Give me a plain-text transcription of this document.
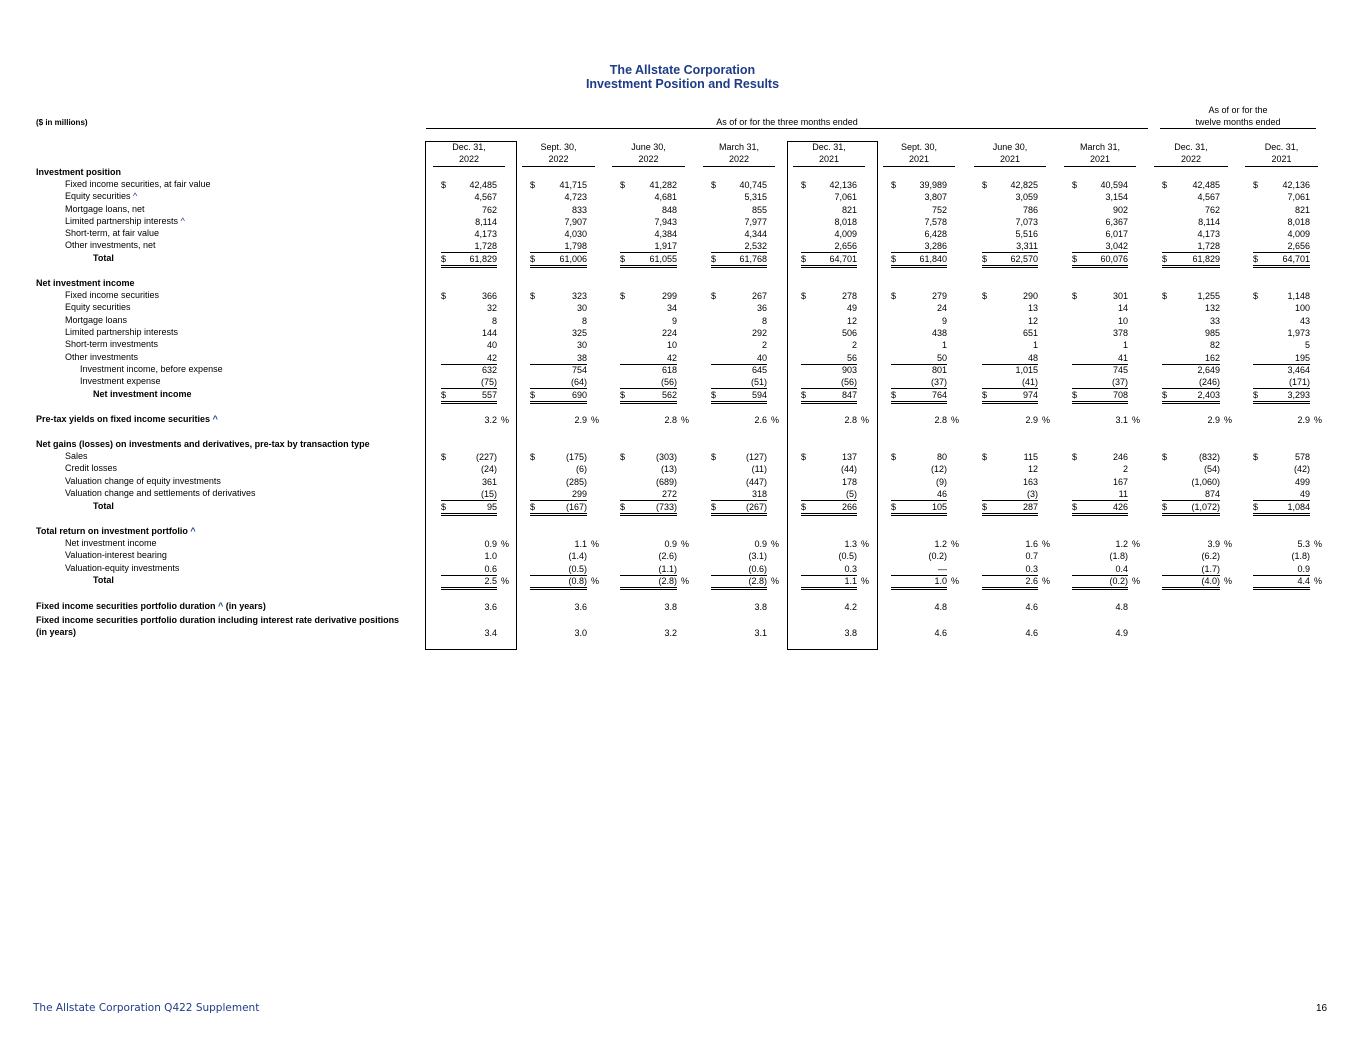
The Allstate Corporation
Investment Position and Results
($ in millions)	As of or for the three months ended
As of or for the
twelve months ended
Dec. 31,
2022
Sept. 30,
2022
June 30,
2022
March 31,
2022
Dec. 31,
2021
Sept. 30,
2021
June 30,
2021
March 31,
2021
Dec. 31,
2022
Dec. 31,
2021
Investment position
Fixed income securities, at fair value	$	42,485	$	41,715	$	41,282	$	40,745	$	42,136	$	39,989	$	42,825	$	40,594	$	42,485	$	42,136
Equity securities ^	4,567	4,723	4,681	5,315	7,061	3,807	3,059	3,154	4,567	7,061
Mortgage loans, net	762	833	848	855	821	752	786	902	762	821
Limited partnership interests ^	8,114	7,907	7,943	7,977	8,018	7,578	7,073	6,367	8,114	8,018
Short-term, at fair value	4,173	4,030	4,384	4,344	4,009	6,428	5,516	6,017	4,173	4,009
Other investments, net	1,728	1,798	1,917	2,532	2,656	3,286	3,311	3,042	1,728	2,656
Total	$	61,829	$	61,006	$	61,055	$	61,768	$	64,701	$	61,840	$	62,570	$	60,076	$	61,829	$	64,701
Net investment income
Fixed income securities	$	366	$	323	$	299	$	267	$	278	$	279	$	290	$	301	$	1,255	$	1,148
Equity securities	32	30	34	36	49	24	13	14	132	100
Mortgage loans	8	8	9	8	12	9	12	10	33	43
Limited partnership interests	144	325	224	292	506	438	651	378	985	1,973
Short-term investments	40	30	10	2	2	1	1	1	82	5
Other investments	42	38	42	40	56	50	48	41	162	195
Investment income, before expense	632	754	618	645	903	801	1,015	745	2,649	3,464
Investment expense	(75)	(64)	(56)	(51)	(56)	(37)	(41)	(37)	(246)	(171)
Net investment income	$	557	$	690	$	562	$	594	$	847	$	764	$	974	$	708	$	2,403	$	3,293
Pre-tax yields on fixed income securities ^	3.2 %	2.9 %	2.8 %	2.6 %	2.8 %	2.8 %	2.9 %	3.1 %	2.9 %	2.9 %
Net gains (losses) on investments and derivatives, pre-tax by transaction type
Sales	$	(227)	$	(175)	$	(303)	$	(127)	$	137	$	80	$	115	$	246	$	(832)	$	578
Credit losses	(24)	(6)	(13)	(11)	(44)	(12)	12	2	(54)	(42)
Valuation change of equity investments	361	(285)	(689)	(447)	178	(9)	163	167	(1,060)	499
Valuation change and settlements of derivatives	(15)	299	272	318	(5)	46	(3)	11	874	49
Total	$	95	$	(167)	$	(733)	$	(267)	$	266	$	105	$	287	$	426	$	(1,072)	$	1,084
Total return on investment portfolio ^
Net investment income	0.9 %	1.1 %	0.9 %	0.9 %	1.3 %	1.2 %	1.6 %	1.2 %	3.9 %	5.3 %
Valuation-interest bearing	1.0	(1.4)	(2.6)	(3.1)	(0.5)	(0.2)	0.7	(1.8)	(6.2)	(1.8)
Valuation-equity investments	0.6	(0.5)	(1.1)	(0.6)	0.3	—	0.3	0.4	(1.7)	0.9
Total	2.5 %	(0.8) %	(2.8) %	(2.8) %	1.1 %	1.0 %	2.6 %	(0.2) %	(4.0) %	4.4 %
Fixed income securities portfolio duration ^ (in years)	3.6	3.6	3.8	3.8	4.2	4.8	4.6	4.8
Fixed income securities portfolio duration including interest rate derivative positions
(in years)	3.4	3.0	3.2	3.1	3.8	4.6	4.6	4.9
The Allstate Corporation Q422 Supplement	16
